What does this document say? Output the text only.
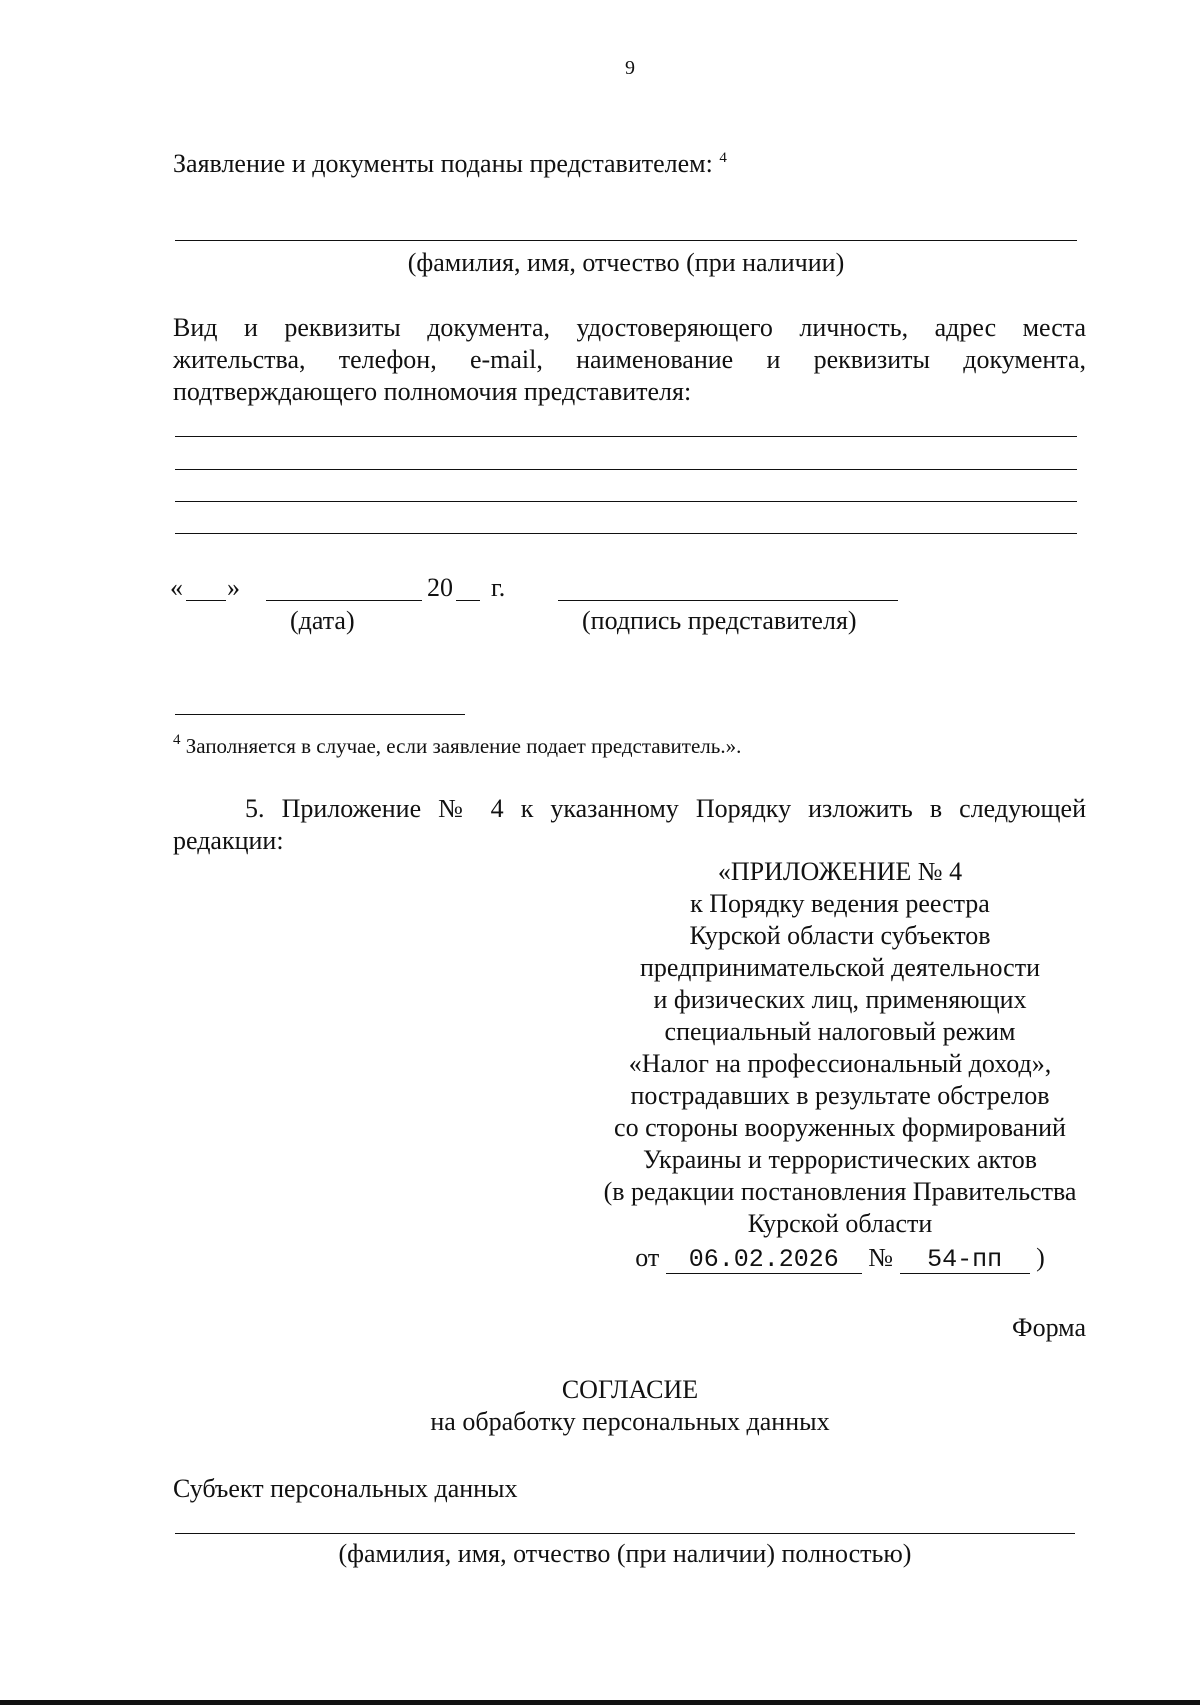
9
Заявление и документы поданы представителем: $^4$
(фамилия, имя, отчество (при наличии)
Вид и реквизиты документа, удостоверяющего личность, адрес места
жительства, телефон, e-mail, наименование и реквизиты документа,
подтверждающего полномочия представителя:
« »	20 г.
(дата)	(подпись представителя)
$^4$ Заполняется в случае, если заявление подает представитель.».
5. Приложение № 4 к указанному Порядку изложить в следующей
редакции:
«ПРИЛОЖЕНИЕ № 4
к Порядку ведения реестра
Курской области субъектов
предпринимательской деятельности
и физических лиц, применяющих
специальный налоговый режим
«Налог на профессиональный доход»,
пострадавших в результате обстрелов
со стороны вооруженных формирований
Украины и террористических актов
(в редакции постановления Правительства
Курской области
от 06.02.2026 № 54-пп )
Форма
СОГЛАСИЕ
на обработку персональных данных
Субъект персональных данных
(фамилия, имя, отчество (при наличии) полностью)
